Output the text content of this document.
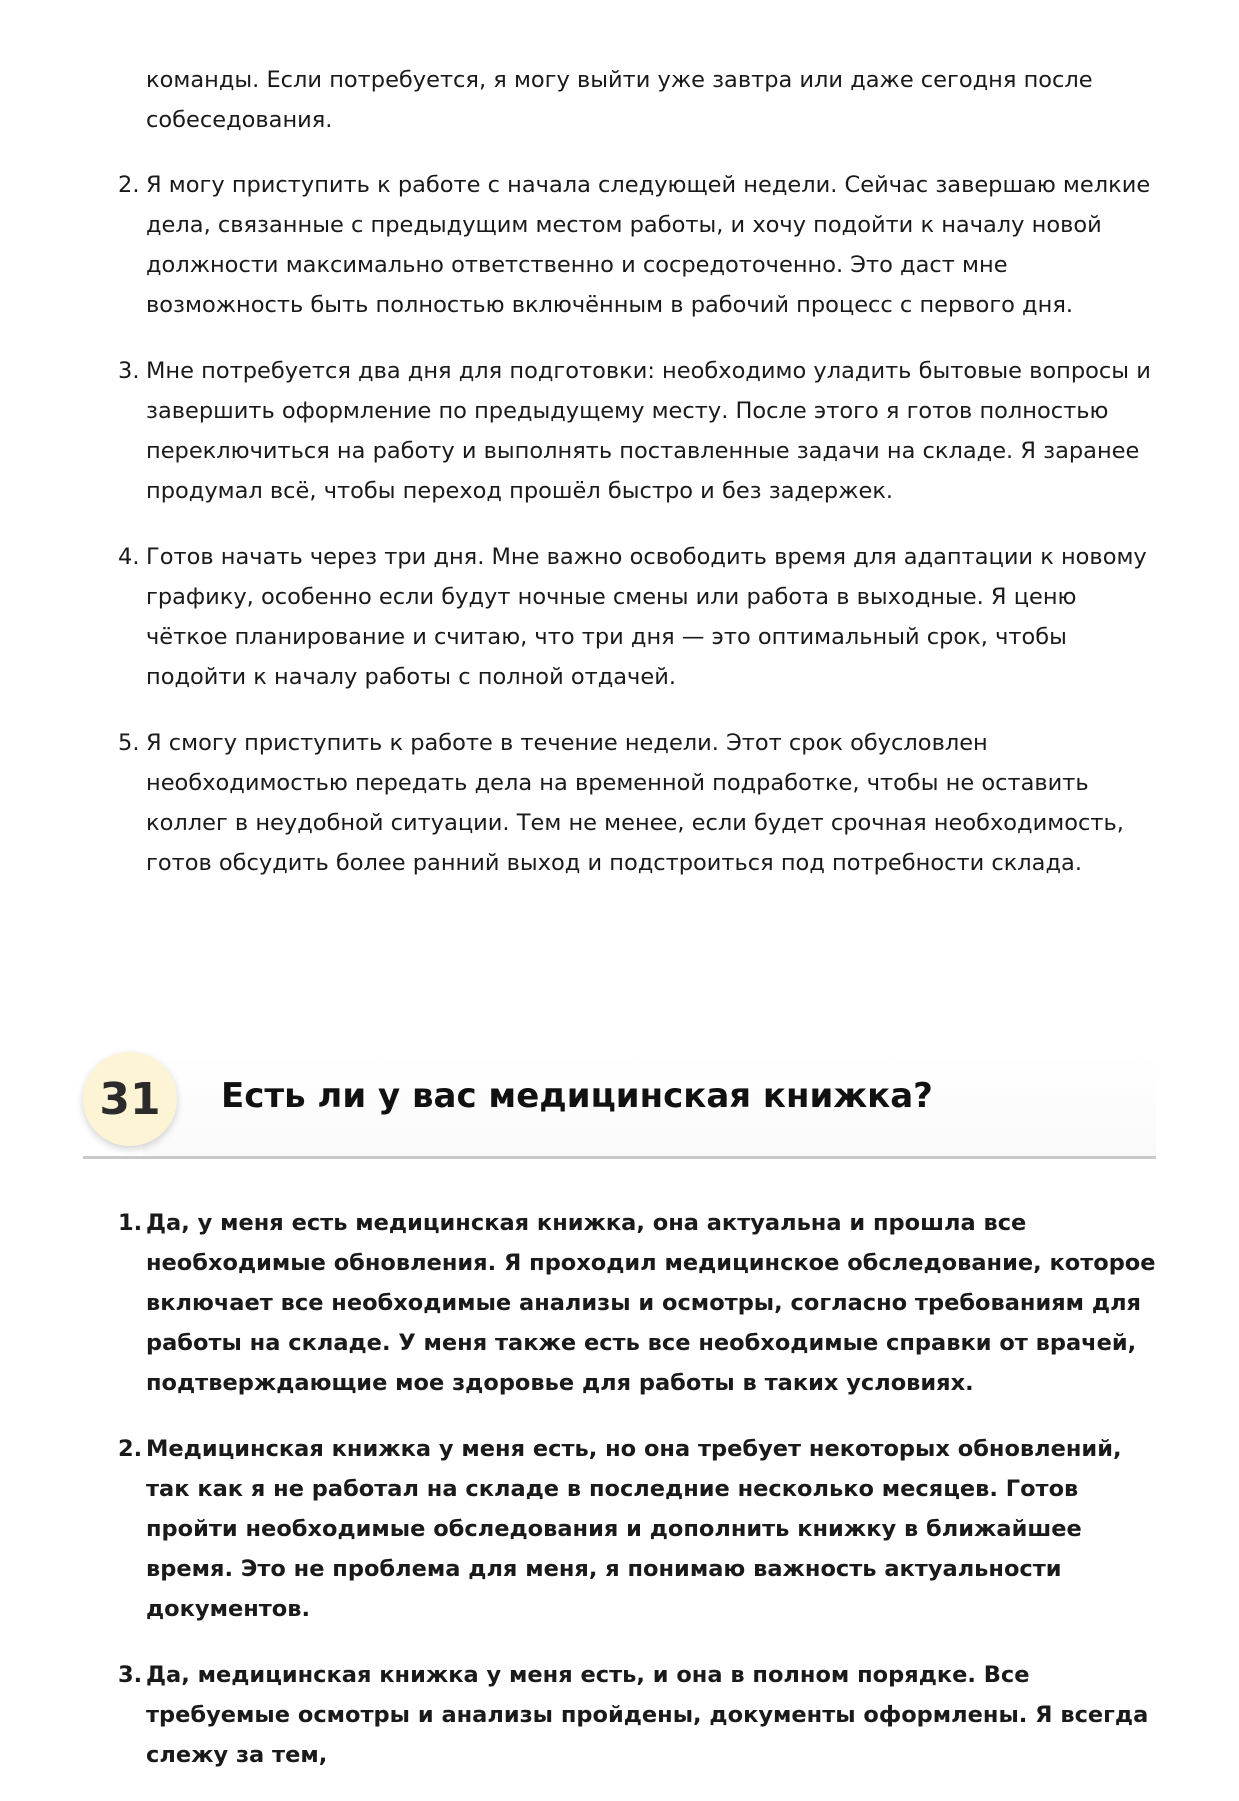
команды. Если потребуется, я могу выйти уже завтра или даже сегодня после собеседования.

2. Я могу приступить к работе с начала следующей недели. Сейчас завершаю мелкие дела, связанные с предыдущим местом работы, и хочу подойти к началу новой должности максимально ответственно и сосредоточенно. Это даст мне возможность быть полностью включённым в рабочий процесс с первого дня.
3. Мне потребуется два дня для подготовки: необходимо уладить бытовые вопросы и завершить оформление по предыдущему месту. После этого я готов полностью переключиться на работу и выполнять поставленные задачи на складе. Я заранее продумал всё, чтобы переход прошёл быстро и без задержек.
4. Готов начать через три дня. Мне важно освободить время для адаптации к новому графику, особенно если будут ночные смены или работа в выходные. Я ценю чёткое планирование и считаю, что три дня — это оптимальный срок, чтобы подойти к началу работы с полной отдачей.
5. Я смогу приступить к работе в течение недели. Этот срок обусловлен необходимостью передать дела на временной подработке, чтобы не оставить коллег в неудобной ситуации. Тем не менее, если будет срочная необходимость, готов обсудить более ранний выход и подстроиться под потребности склада.
31	Есть ли у вас медицинская книжка?
1. Да, у меня есть медицинская книжка, она актуальна и прошла все необходимые обновления. Я проходил медицинское обследование, которое включает все необходимые анализы и осмотры, согласно требованиям для работы на складе. У меня также есть все необходимые справки от врачей, подтверждающие мое здоровье для работы в таких условиях.
2. Медицинская книжка у меня есть, но она требует некоторых обновлений, так как я не работал на складе в последние несколько месяцев. Готов пройти необходимые обследования и дополнить книжку в ближайшее время. Это не проблема для меня, я понимаю важность актуальности документов.
3. Да, медицинская книжка у меня есть, и она в полном порядке. Все требуемые осмотры и анализы пройдены, документы оформлены. Я всегда слежу за тем,
